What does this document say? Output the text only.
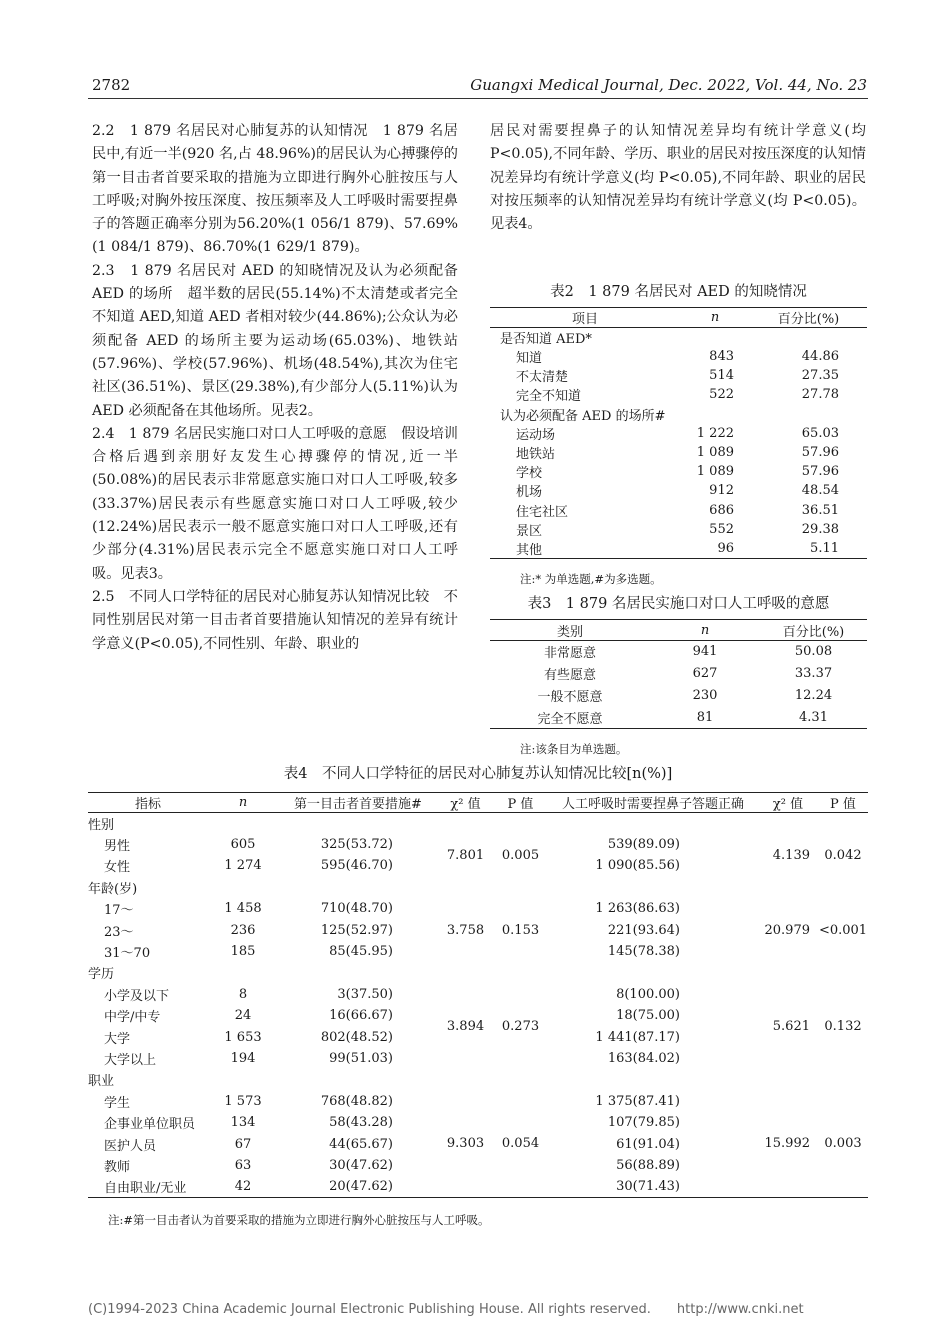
2782	Guangxi Medical Journal, Dec. 2022, Vol. 44, No. 23

2.2　1 879 名居民对心肺复苏的认知情况　1 879 名居民中,有近一半(920 名,占 48.96%)的居民认为心搏骤停的第一目击者首要采取的措施为立即进行胸外心脏按压与人工呼吸;对胸外按压深度、按压频率及人工呼吸时需要捏鼻子的答题正确率分别为56.20%(1 056/1 879)、57.69%(1 084/1 879)、86.70%(1 629/1 879)。

2.3　1 879 名居民对 AED 的知晓情况及认为必须配备 AED 的场所　超半数的居民(55.14%)不太清楚或者完全不知道 AED,知道 AED 者相对较少(44.86%);公众认为必须配备 AED 的场所主要为运动场(65.03%)、地铁站(57.96%)、学校(57.96%)、机场(48.54%),其次为住宅社区(36.51%)、景区(29.38%),有少部分人(5.11%)认为 AED 必须配备在其他场所。见表2。

2.4　1 879 名居民实施口对口人工呼吸的意愿　假设培训合格后遇到亲朋好友发生心搏骤停的情况,近一半(50.08%)的居民表示非常愿意实施口对口人工呼吸,较多(33.37%)居民表示有些愿意实施口对口人工呼吸,较少(12.24%)居民表示一般不愿意实施口对口人工呼吸,还有少部分(4.31%)居民表示完全不愿意实施口对口人工呼吸。见表3。

2.5　不同人口学特征的居民对心肺复苏认知情况比较　不同性别居民对第一目击者首要措施认知情况的差异有统计学意义(P<0.05),不同性别、年龄、职业的

居民对需要捏鼻子的认知情况差异均有统计学意义(均 P<0.05),不同年龄、学历、职业的居民对按压深度的认知情况差异均有统计学意义(均 P<0.05),不同年龄、职业的居民对按压频率的认知情况差异均有统计学意义(均 P<0.05)。见表4。

表2　1 879 名居民对 AED 的知晓情况
项目	n	百分比(%)
是否知道 AED*		
知道	843	44.86
不太清楚	514	27.35
完全不知道	522	27.78
认为必须配备 AED 的场所#		
运动场	1 222	65.03
地铁站	1 089	57.96
学校	1 089	57.96
机场	912	48.54
住宅社区	686	36.51
景区	552	29.38
其他	96	5.11
注:* 为单选题,#为多选题。
表3　1 879 名居民实施口对口人工呼吸的意愿
类别	n	百分比(%)
非常愿意	941	50.08
有些愿意	627	33.37
一般不愿意	230	12.24
完全不愿意	81	4.31
注:该条目为单选题。
表4　不同人口学特征的居民对心肺复苏认知情况比较[n(%)]
指标	n	第一目击者首要措施#	χ² 值	P 值	人工呼吸时需要捏鼻子答题正确	χ² 值	P 值
性别							
男性	605	325(53.72)	7.801	0.005	539(89.09)	4.139	0.042
女性	1 274	595(46.70)			1 090(85.56)		
年龄(岁)							
17～	1 458	710(48.70)	3.758	0.153	1 263(86.63)	20.979	<0.001
23～	236	125(52.97)			221(93.64)		
31～70	185	85(45.95)			145(78.38)		
学历							
小学及以下	8	3(37.50)	3.894	0.273	8(100.00)	5.621	0.132
中学/中专	24	16(66.67)			18(75.00)		
大学	1 653	802(48.52)			1 441(87.17)		
大学以上	194	99(51.03)			163(84.02)		
职业							
学生	1 573	768(48.82)	9.303	0.054	1 375(87.41)	15.992	0.003
企事业单位职员	134	58(43.28)			107(79.85)		
医护人员	67	44(65.67)			61(91.04)		
教师	63	30(47.62)			56(88.89)		
自由职业/无业	42	20(47.62)			30(71.43)		
注:#第一目击者认为首要采取的措施为立即进行胸外心脏按压与人工呼吸。
(C)1994-2023 China Academic Journal Electronic Publishing House. All rights reserved.　　http://www.cnki.net
